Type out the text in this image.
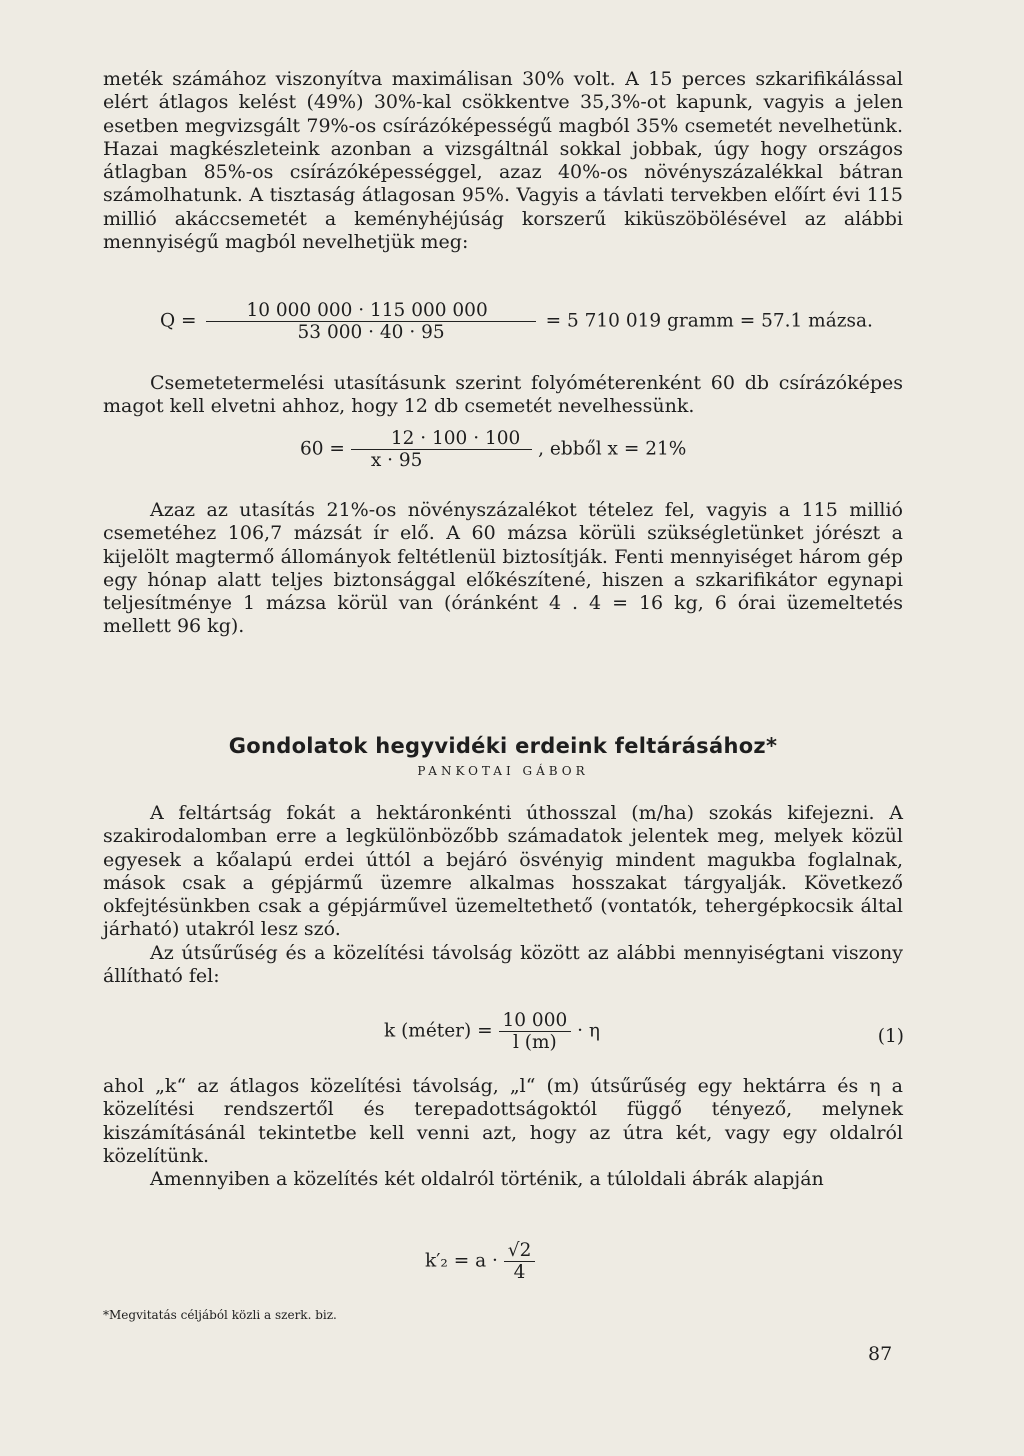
meték számához viszonyítva maximálisan 30% volt. A 15 perces szkarifikálással elért átlagos kelést (49%) 30%-kal csökkentve 35,3%-ot kapunk, vagyis a jelen esetben megvizsgált 79%-os csírázóképességű magból 35% csemetét nevelhetünk. Hazai magkészleteink azonban a vizsgáltnál sokkal jobbak, úgy hogy országos átlagban 85%-os csírázóképességgel, azaz 40%-os növényszázalékkal bátran számolhatunk. A tisztaság átlagosan 95%. Vagyis a távlati tervekben előírt évi 115 millió akáccsemetét a keményhéjúság korszerű kiküszöbölésével az alábbi mennyiségű magból nevelhetjük meg:

$Q = \frac{10 000 000 \cdot 115 000 000}{53 000 \cdot 40 \cdot 95} = 5$ 710 019 gramm = 57.1 mázsa.

Csemetetermelési utasításunk szerint folyóméterenként 60 db csírázóképes magot kell elvetni ahhoz, hogy 12 db csemetét nevelhessünk.

$60 = \frac{12 \cdot 100 \cdot 100}{x \cdot 95}$ , ebből x = 21%

Azaz az utasítás 21%-os növényszázalékot tételez fel, vagyis a 115 millió csemetéhez 106,7 mázsát ír elő. A 60 mázsa körüli szükségletünket jórészt a kijelölt magtermő állományok feltétlenül biztosítják. Fenti mennyiséget három gép egy hónap alatt teljes biztonsággal előkészítené, hiszen a szkarifikátor egynapi teljesítménye 1 mázsa körül van (óránként 4 . 4 = 16 kg, 6 órai üzemeltetés mellett 96 kg).

Gondolatok hegyvidéki erdeink feltárásához*
PANKOTAI GÁBOR

A feltártság fokát a hektáronkénti úthosszal (m/ha) szokás kifejezni. A szakirodalomban erre a legkülönbözőbb számadatok jelentek meg, melyek közül egyesek a kőalapú erdei úttól a bejáró ösvényig mindent magukba foglalnak, mások csak a gépjármű üzemre alkalmas hosszakat tárgyalják. Következő okfejtésünkben csak a gépjárművel üzemeltethető (vontatók, tehergépkocsik által járható) utakról lesz szó.

Az útsűrűség és a közelítési távolság között az alábbi mennyiségtani viszony állítható fel:

k (méter) = $\frac{10 000}{l (m)} \cdot \eta$	(1)

ahol „k“ az átlagos közelítési távolság, „l“ (m) útsűrűség egy hektárra és η a közelítési rendszertől és terepadottságoktól függő tényező, melynek kiszámításánál tekintetbe kell venni azt, hogy az útra két, vagy egy oldalról közelítünk.

Amennyiben a közelítés két oldalról történik, a túloldali ábrák alapján

$k'_2 = a \cdot \frac{√2}{4}$
*Megvitatás céljából közli a szerk. biz.
87
